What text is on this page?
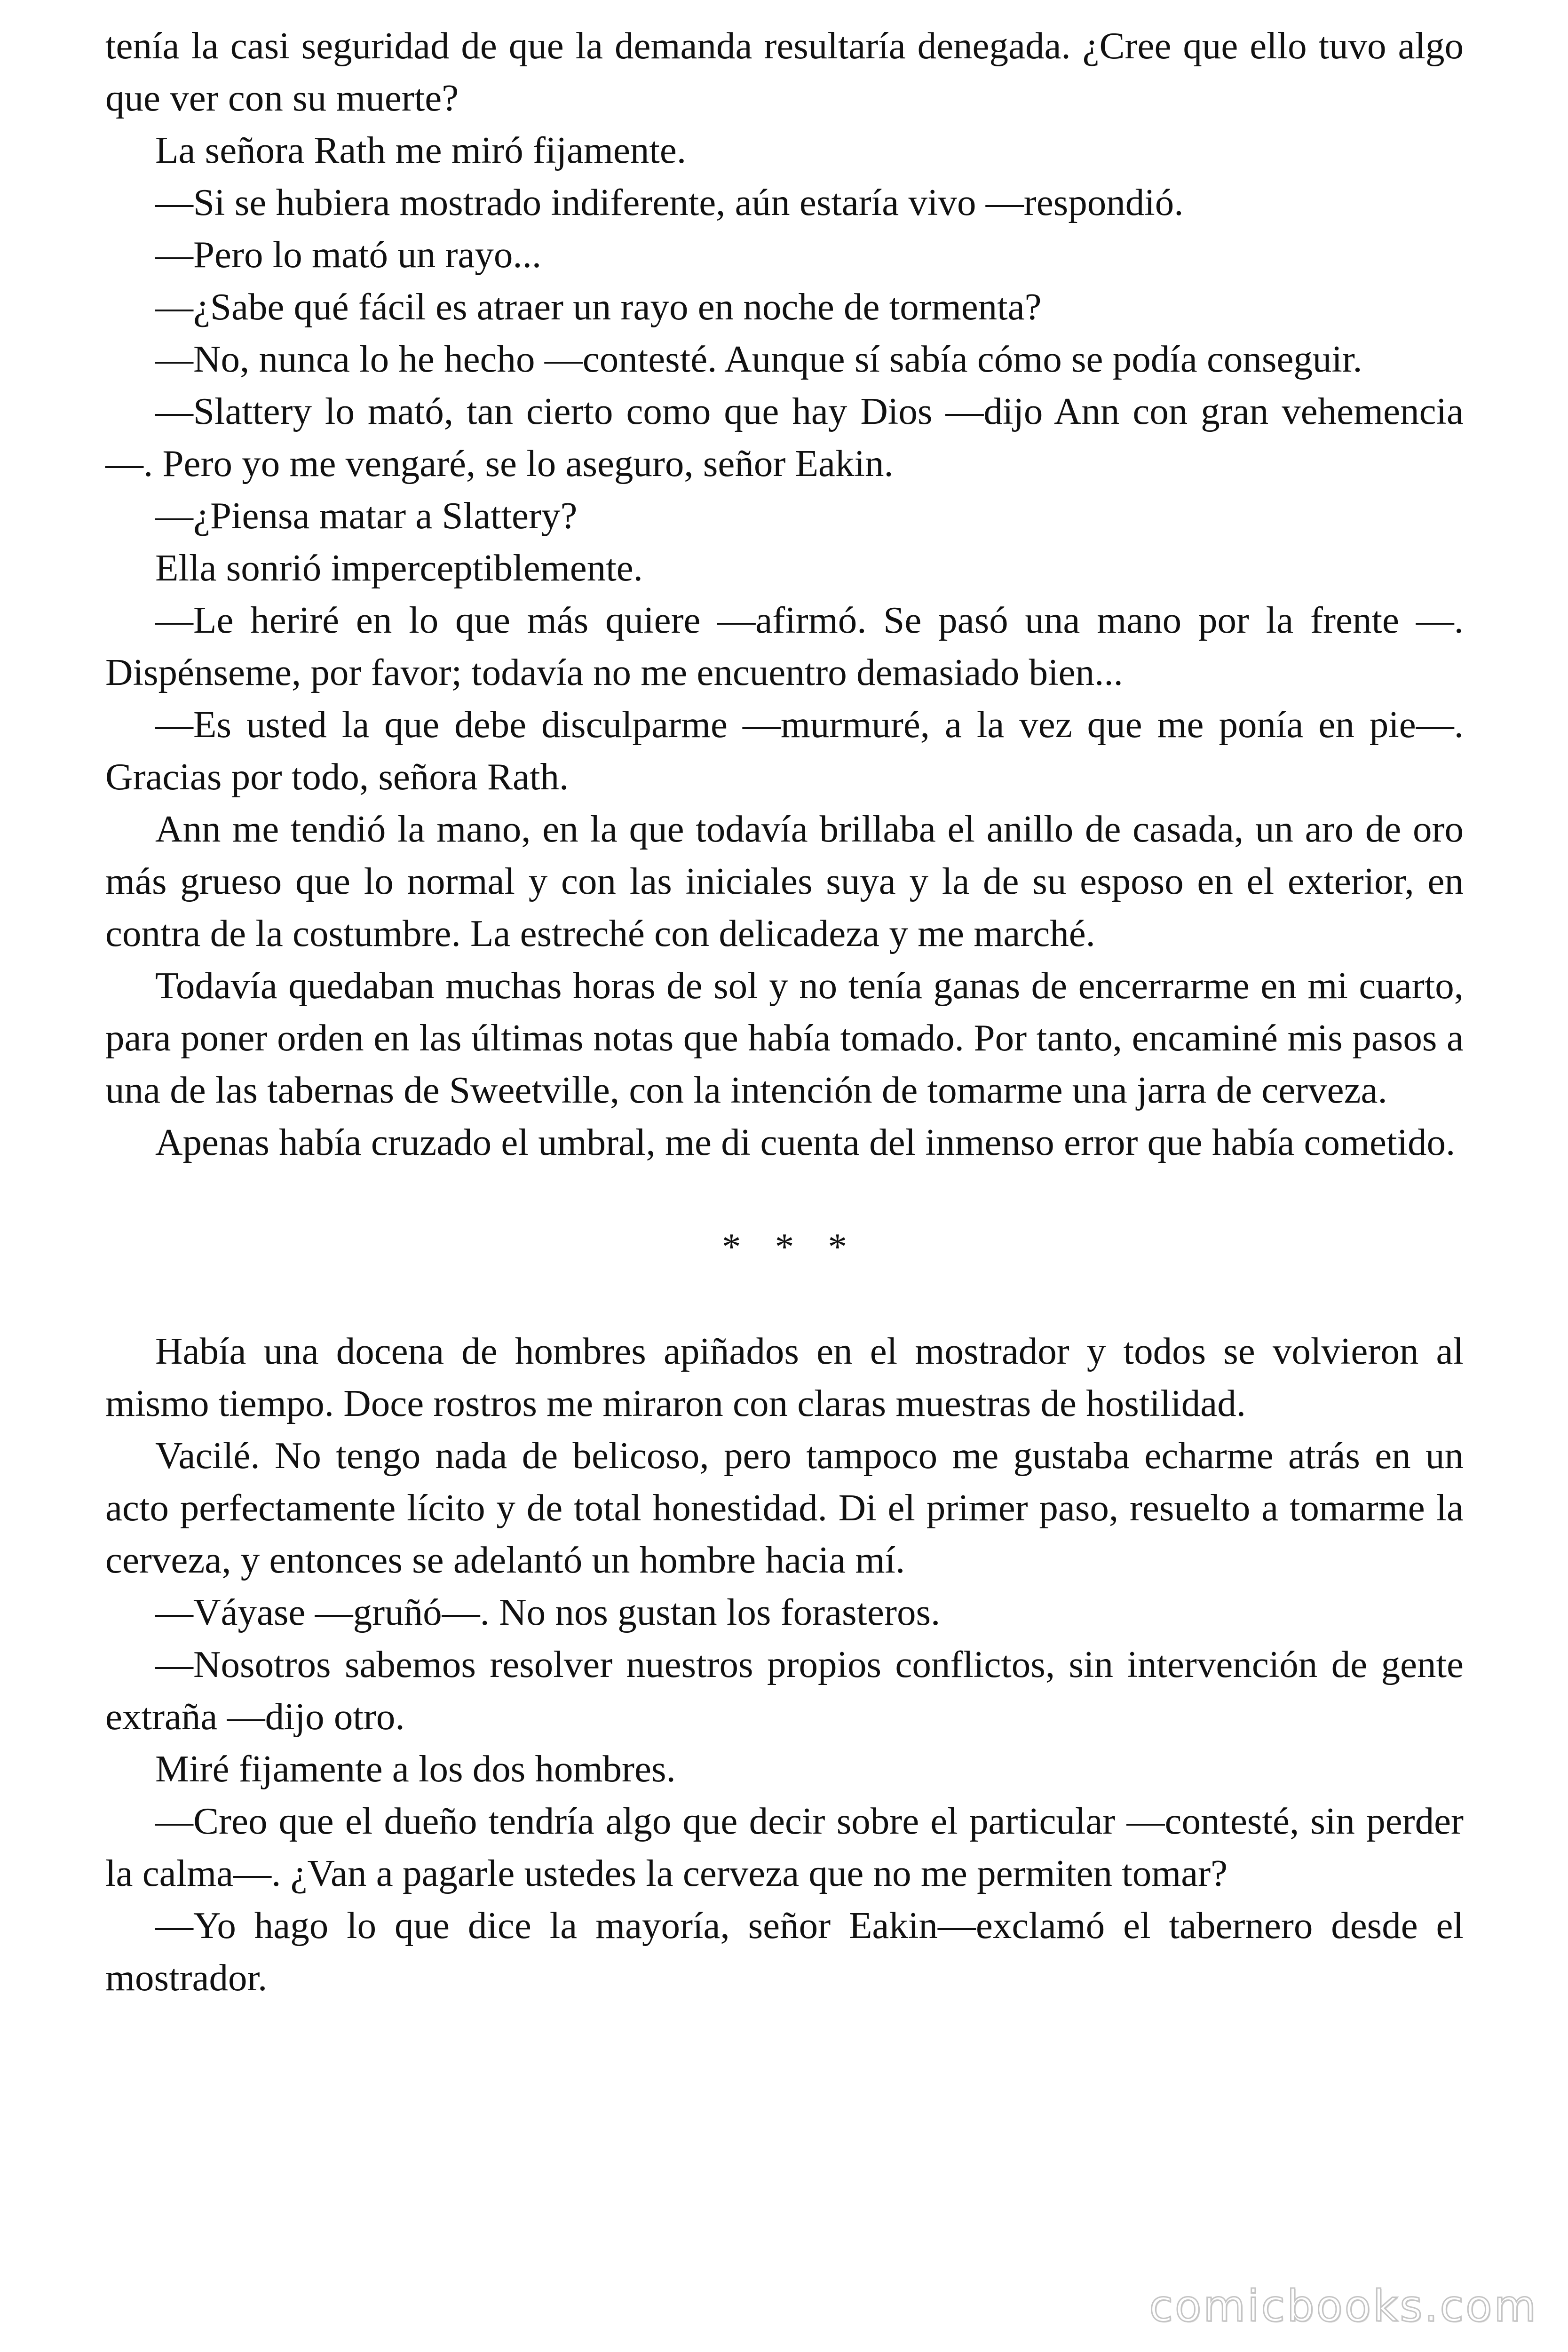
tenía la casi seguridad de que la demanda resultaría denegada. ¿Cree que ello tuvo algo que ver con su muerte?

La señora Rath me miró fijamente.

—Si se hubiera mostrado indiferente, aún estaría vivo —respondió.

—Pero lo mató un rayo...

—¿Sabe qué fácil es atraer un rayo en noche de tormenta?

—No, nunca lo he hecho —contesté. Aunque sí sabía cómo se podía conseguir.

—Slattery lo mató, tan cierto como que hay Dios —dijo Ann con gran vehemencia—. Pero yo me vengaré, se lo aseguro, señor Eakin.

—¿Piensa matar a Slattery?

Ella sonrió imperceptiblemente.

—Le heriré en lo que más quiere —afirmó. Se pasó una mano por la frente —. Dispénseme, por favor; todavía no me encuentro demasiado bien...

—Es usted la que debe disculparme —murmuré, a la vez que me ponía en pie—. Gracias por todo, señora Rath.

Ann me tendió la mano, en la que todavía brillaba el anillo de casada, un aro de oro más grueso que lo normal y con las iniciales suya y la de su esposo en el exterior, en contra de la costumbre. La estreché con delicadeza y me marché.

Todavía quedaban muchas horas de sol y no tenía ganas de encerrarme en mi cuarto, para poner orden en las últimas notas que había tomado. Por tanto, encaminé mis pasos a una de las tabernas de Sweetville, con la intención de tomarme una jarra de cerveza.

Apenas había cruzado el umbral, me di cuenta del inmenso error que había cometido.

* * *

Había una docena de hombres apiñados en el mostrador y todos se volvieron al mismo tiempo. Doce rostros me miraron con claras muestras de hostilidad.

Vacilé. No tengo nada de belicoso, pero tampoco me gustaba echarme atrás en un acto perfectamente lícito y de total honestidad. Di el primer paso, resuelto a tomarme la cerveza, y entonces se adelantó un hombre hacia mí.

—Váyase —gruñó—. No nos gustan los forasteros.

—Nosotros sabemos resolver nuestros propios conflictos, sin intervención de gente extraña —dijo otro.

Miré fijamente a los dos hombres.

—Creo que el dueño tendría algo que decir sobre el particular —contesté, sin perder la calma—. ¿Van a pagarle ustedes la cerveza que no me permiten tomar?

—Yo hago lo que dice la mayoría, señor Eakin—exclamó el tabernero desde el mostrador.

comicbooks.com
